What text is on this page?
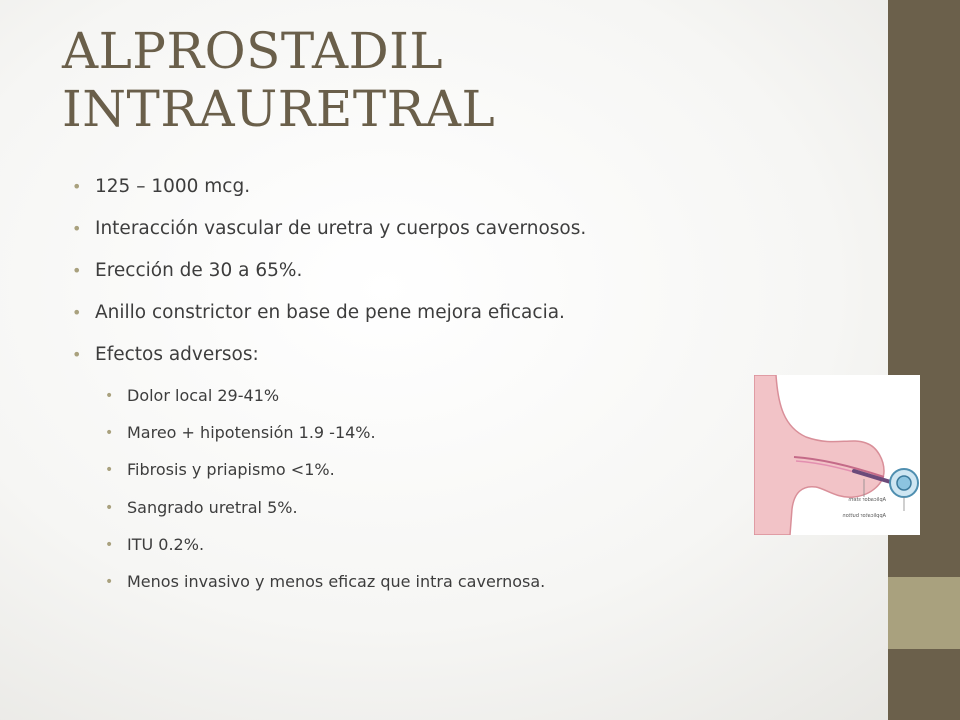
ALPROSTADIL
INTRAURETRAL
• 125 – 1000 mcg.
• Interacción vascular de uretra y cuerpos cavernosos.
• Erección de 30 a 65%.
• Anillo constrictor en base de pene mejora eficacia.
• Efectos adversos:
• Dolor local 29-41%
• Mareo + hipotensión 1.9 -14%.
• Fibrosis y priapismo <1%.
• Sangrado uretral 5%.
• ITU 0.2%.
• Menos invasivo y menos eficaz que intra cavernosa.
Aplicador stem
Applicator button
